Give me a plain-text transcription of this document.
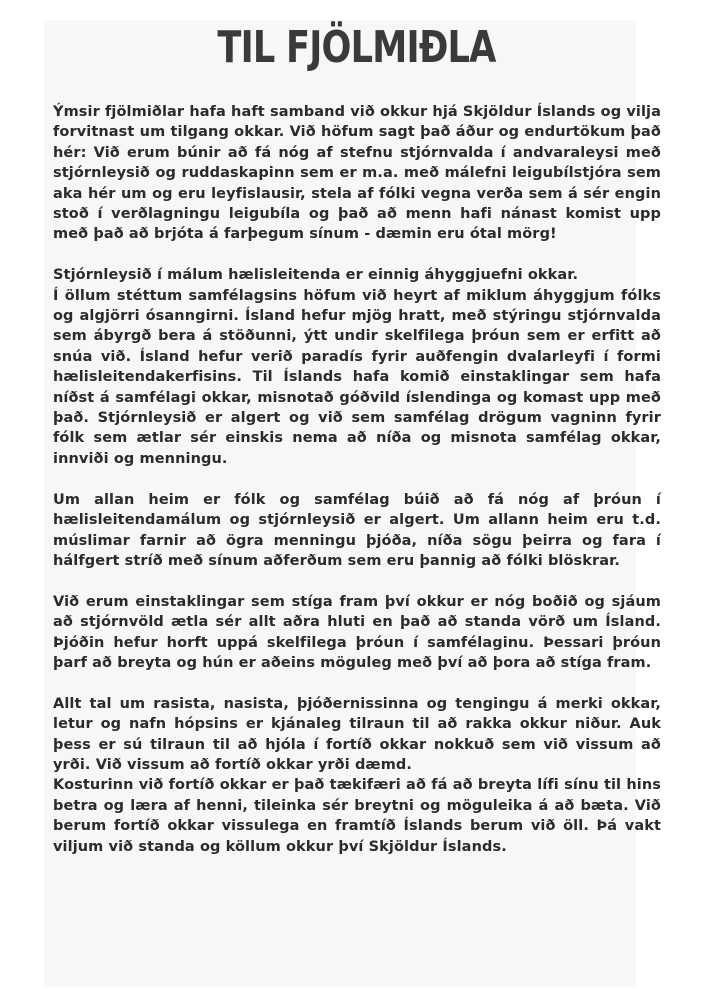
TIL FJÖLMIÐLA

Ýmsir fjölmiðlar hafa haft samband við okkur hjá Skjöldur Íslands og vilja forvitnast um tilgang okkar. Við höfum sagt það áður og endurtökum það hér: Við erum búnir að fá nóg af stefnu stjórnvalda í andvaraleysi með stjórnleysið og ruddaskapinn sem er m.a. með málefni leigubílstjóra sem aka hér um og eru leyfislausir, stela af fólki vegna verða sem á sér engin stoð í verðlagningu leigubíla og það að menn hafi nánast komist upp með það að brjóta á farþegum sínum - dæmin eru ótal mörg!

Stjórnleysið í málum hælisleitenda er einnig áhyggjuefni okkar.
Í öllum stéttum samfélagsins höfum við heyrt af miklum áhyggjum fólks og algjörri ósanngirni. Ísland hefur mjög hratt, með stýringu stjórnvalda sem ábyrgð bera á stöðunni, ýtt undir skelfilega þróun sem er erfitt að snúa við. Ísland hefur verið paradís fyrir auðfengin dvalarleyfi í formi hælisleitendakerfisins. Til Íslands hafa komið einstaklingar sem hafa níðst á samfélagi okkar, misnotað góðvild íslendinga og komast upp með það. Stjórnleysið er algert og við sem samfélag drögum vagninn fyrir fólk sem ætlar sér einskis nema að níða og misnota samfélag okkar, innviði og menningu.

Um allan heim er fólk og samfélag búið að fá nóg af þróun í hælisleitendamálum og stjórnleysið er algert. Um allann heim eru t.d. múslimar farnir að ögra menningu þjóða, níða sögu þeirra og fara í hálfgert stríð með sínum aðferðum sem eru þannig að fólki blöskrar.

Við erum einstaklingar sem stíga fram því okkur er nóg boðið og sjáum að stjórnvöld ætla sér allt aðra hluti en það að standa vörð um Ísland. Þjóðin hefur horft uppá skelfilega þróun í samfélaginu. Þessari þróun þarf að breyta og hún er aðeins möguleg með því að þora að stíga fram.

Allt tal um rasista, nasista, þjóðernissinna og tengingu á merki okkar, letur og nafn hópsins er kjánaleg tilraun til að rakka okkur niður. Auk þess er sú tilraun til að hjóla í fortíð okkar nokkuð sem við vissum að yrði. Við vissum að fortíð okkar yrði dæmd.
Kosturinn við fortíð okkar er það tækifæri að fá að breyta lífi sínu til hins betra og læra af henni, tileinka sér breytni og möguleika á að bæta. Við berum fortíð okkar vissulega en framtíð Íslands berum við öll. Þá vakt viljum við standa og köllum okkur því Skjöldur Íslands.
